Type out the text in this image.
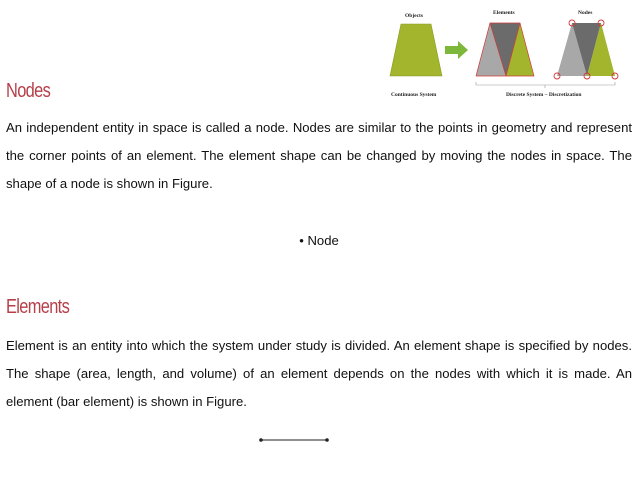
Objects	Elements	Nodes
Continuous System	Discrete System – Discretization
Nodes

An independent entity in space is called a node. Nodes are similar to the points in geometry and represent the corner points of an element. The element shape can be changed by moving the nodes in space. The shape of a node is shown in Figure.

• Node
Elements

Element is an entity into which the system under study is divided. An element shape is specified by nodes. The shape (area, length, and volume) of an element depends on the nodes with which it is made. An element (bar element) is shown in Figure.
